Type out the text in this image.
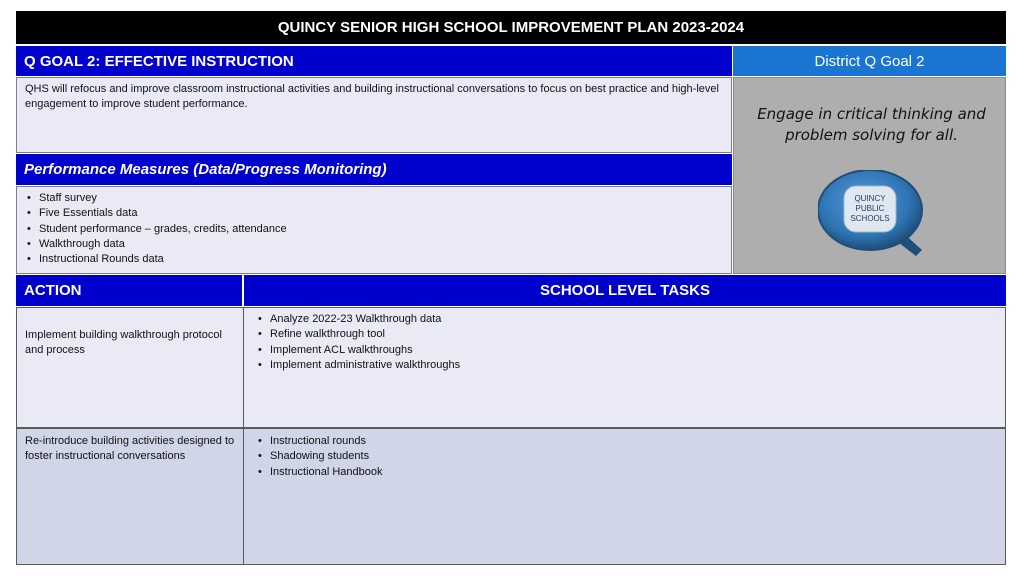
QUINCY SENIOR HIGH SCHOOL IMPROVEMENT PLAN 2023-2024
Q GOAL 2: EFFECTIVE INSTRUCTION	District Q Goal 2
QHS will refocus and improve classroom instructional activities and building instructional conversations to focus on best practice and high-level engagement to improve student performance.
Engage in critical thinking and problem solving for all.
QUINCY
PUBLIC
SCHOOLS
Performance Measures (Data/Progress Monitoring)
• Staff survey
• Five Essentials data
• Student performance – grades, credits, attendance
• Walkthrough data
• Instructional Rounds data
ACTION	SCHOOL LEVEL TASKS
Implement building walkthrough protocol and process
• Analyze 2022-23 Walkthrough data
• Refine walkthrough tool
• Implement ACL walkthroughs
• Implement administrative walkthroughs
Re-introduce building activities designed to foster instructional conversations
• Instructional rounds
• Shadowing students
• Instructional Handbook
